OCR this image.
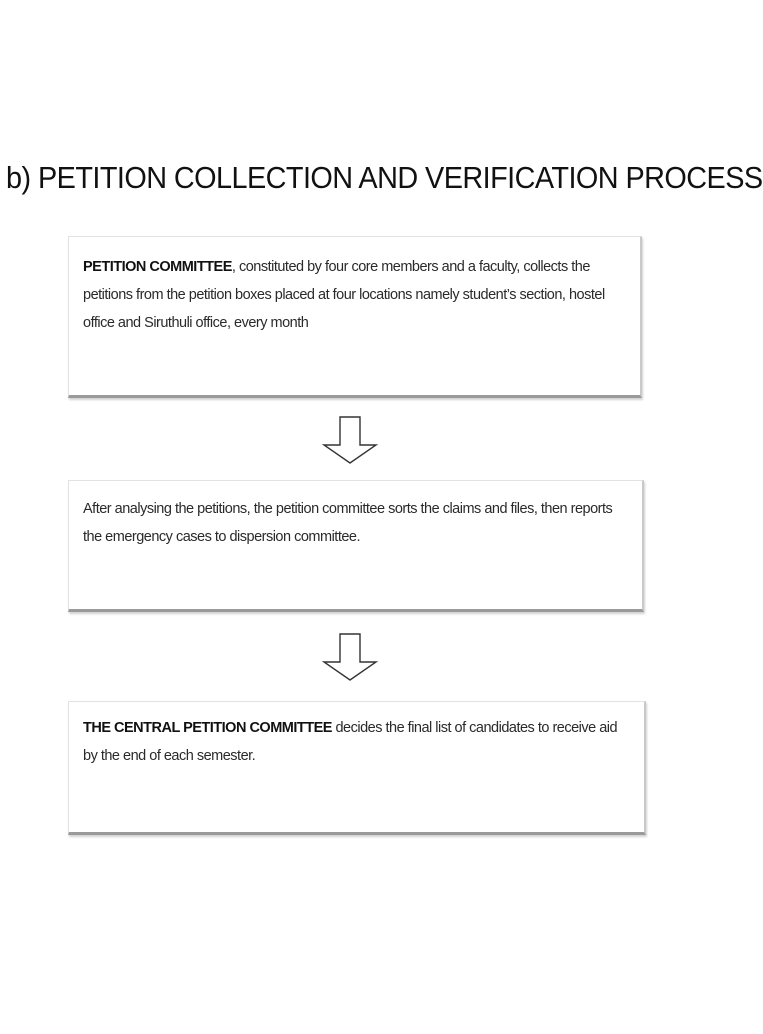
b) PETITION COLLECTION AND VERIFICATION PROCESS
PETITION COMMITTEE, constituted by four core members and a faculty, collects the petitions from the petition boxes placed at four locations namely student’s section, hostel office and Siruthuli office, every month
After analysing the petitions, the petition committee sorts the claims and files, then reports the emergency cases to dispersion committee.
THE CENTRAL PETITION COMMITTEE decides the final list of candidates to receive aid by the end of each semester.
